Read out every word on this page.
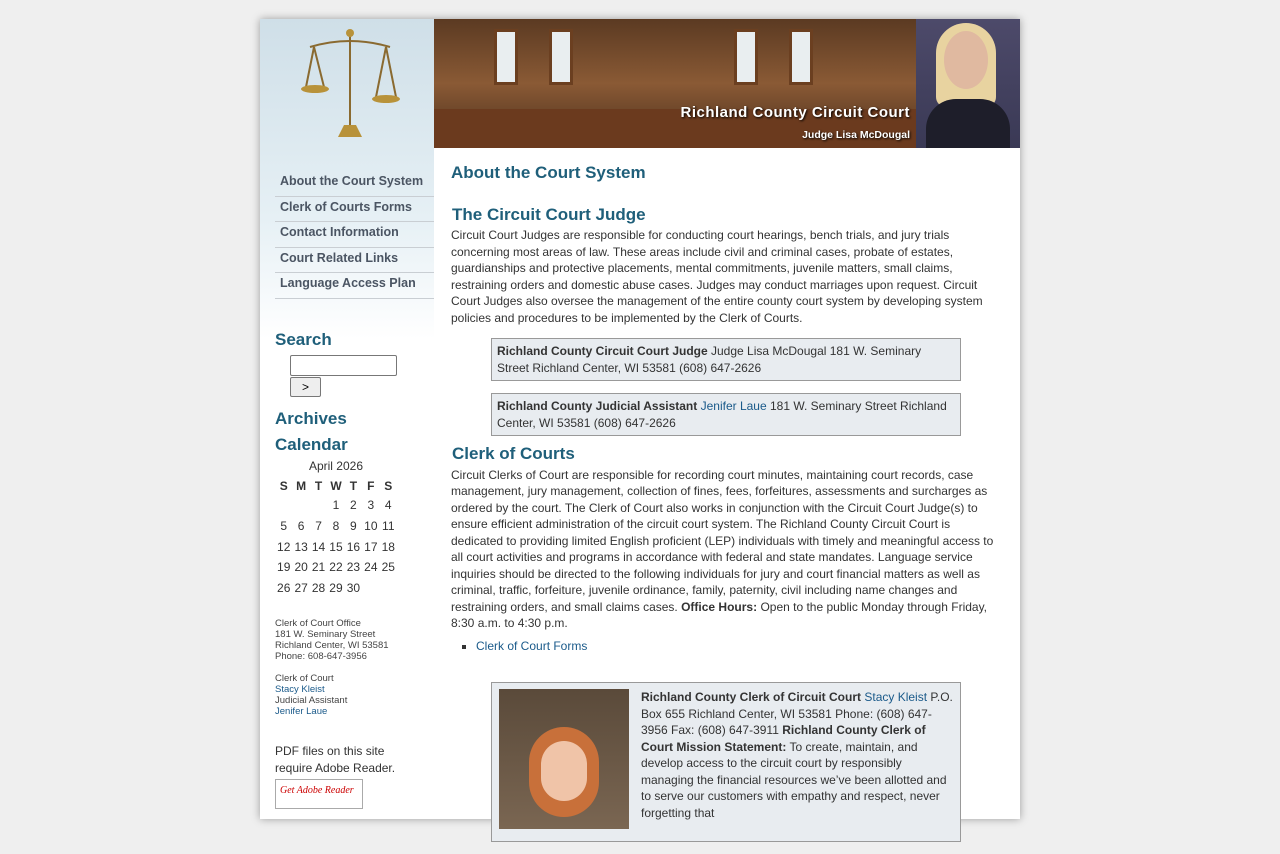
About the Court System
Clerk of Courts Forms
Contact Information
Court Related Links
Language Access Plan
Search
>
Archives
Calendar
April 2026
S	M	T	W	T	F	S
			1	2	3	4
5	6	7	8	9	10	11
12	13	14	15	16	17	18
19	20	21	22	23	24	25
26	27	28	29	30		
Clerk of Court Office
181 W. Seminary Street
Richland Center, WI 53581
Phone: 608-647-3956
Clerk of Court
Stacy Kleist
Judicial Assistant
Jenifer Laue
PDF files on this site require Adobe Reader.
Get Adobe Reader
Richland County Circuit Court
Judge Lisa McDougal
About the Court System
The Circuit Court Judge

Circuit Court Judges are responsible for conducting court hearings, bench trials, and jury trials concerning most areas of law. These areas include civil and criminal cases, probate of estates, guardianships and protective placements, mental commitments, juvenile matters, small claims, restraining orders and domestic abuse cases. Judges may conduct marriages upon request. Circuit Court Judges also oversee the management of the entire county court system by developing system policies and procedures to be implemented by the Clerk of Courts.

Richland County Circuit Court Judge Judge Lisa McDougal 181 W. Seminary Street Richland Center, WI 53581 (608) 647-2626
Richland County Judicial Assistant Jenifer Laue 181 W. Seminary Street Richland Center, WI 53581 (608) 647-2626
Clerk of Courts

Circuit Clerks of Court are responsible for recording court minutes, maintaining court records, case management, jury management, collection of fines, fees, forfeitures, assessments and surcharges as ordered by the court. The Clerk of Court also works in conjunction with the Circuit Court Judge(s) to ensure efficient administration of the circuit court system. The Richland County Circuit Court is dedicated to providing limited English proficient (LEP) individuals with timely and meaningful access to all court activities and programs in accordance with federal and state mandates. Language service inquiries should be directed to the following individuals for jury and court financial matters as well as criminal, traffic, forfeiture, juvenile ordinance, family, paternity, civil including name changes and restraining orders, and small claims cases. Office Hours: Open to the public Monday through Friday, 8:30 a.m. to 4:30 p.m.

▪ Clerk of Court Forms
Richland County Clerk of Circuit Court Stacy Kleist P.O. Box 655 Richland Center, WI 53581 Phone: (608) 647-3956 Fax: (608) 647-3911 Richland County Clerk of Court Mission Statement: To create, maintain, and develop access to the circuit court by responsibly managing the financial resources we’ve been allotted and to serve our customers with empathy and respect, never forgetting that
